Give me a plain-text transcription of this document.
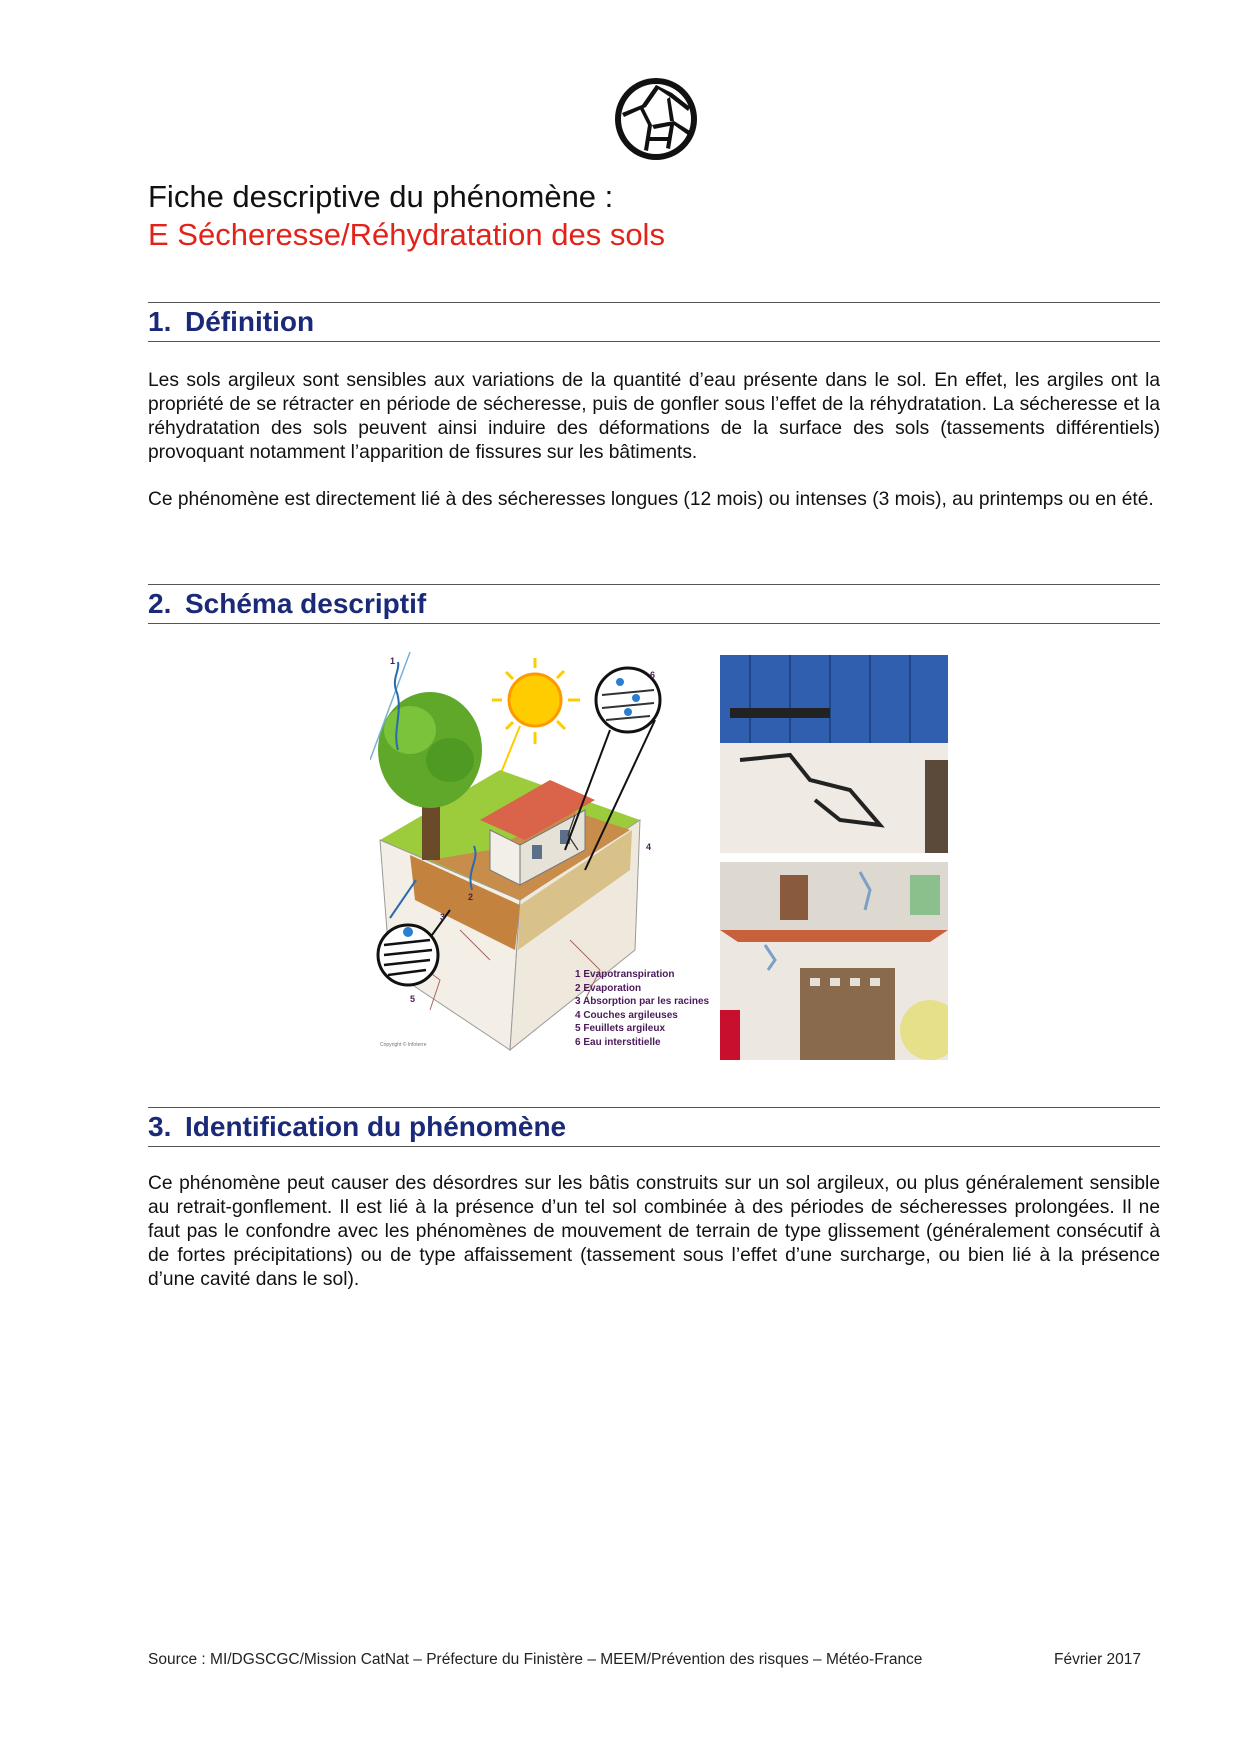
Fiche descriptive du phénomène :
E Sécheresse/Réhydratation des sols
1. Définition
Les sols argileux sont sensibles aux variations de la quantité d’eau présente dans le sol. En effet, les argiles ont la propriété de se rétracter en période de sécheresse, puis de gonfler sous l’effet de la réhydratation. La sécheresse et la réhydratation des sols peuvent ainsi induire des déformations de la surface des sols (tassements différentiels) provoquant notamment l’apparition de fissures sur les bâtiments.
Ce phénomène est directement lié à des sécheresses longues (12 mois) ou intenses (3 mois), au printemps ou en été.
2. Schéma descriptif
1
2
3
4
5
6
1 Evapotranspiration
2 Evaporation
3 Absorption par les racines
4 Couches argileuses
5 Feuillets argileux
6 Eau interstitielle
Copyright © Infoterre
3. Identification du phénomène
Ce phénomène peut causer des désordres sur les bâtis construits sur un sol argileux, ou plus généralement sensible au retrait-gonflement. Il est lié à la présence d’un tel sol combinée à des périodes de sécheresses prolongées. Il ne faut pas le confondre avec les phénomènes de mouvement de terrain de type glissement (généralement consécutif à de fortes précipitations) ou de type affaissement (tassement sous l’effet d’une surcharge, ou bien lié à la présence d’une cavité dans le sol).
Source : MI/DGSCGC/Mission CatNat – Préfecture du Finistère – MEEM/Prévention des risques – Météo-France	Février 2017
